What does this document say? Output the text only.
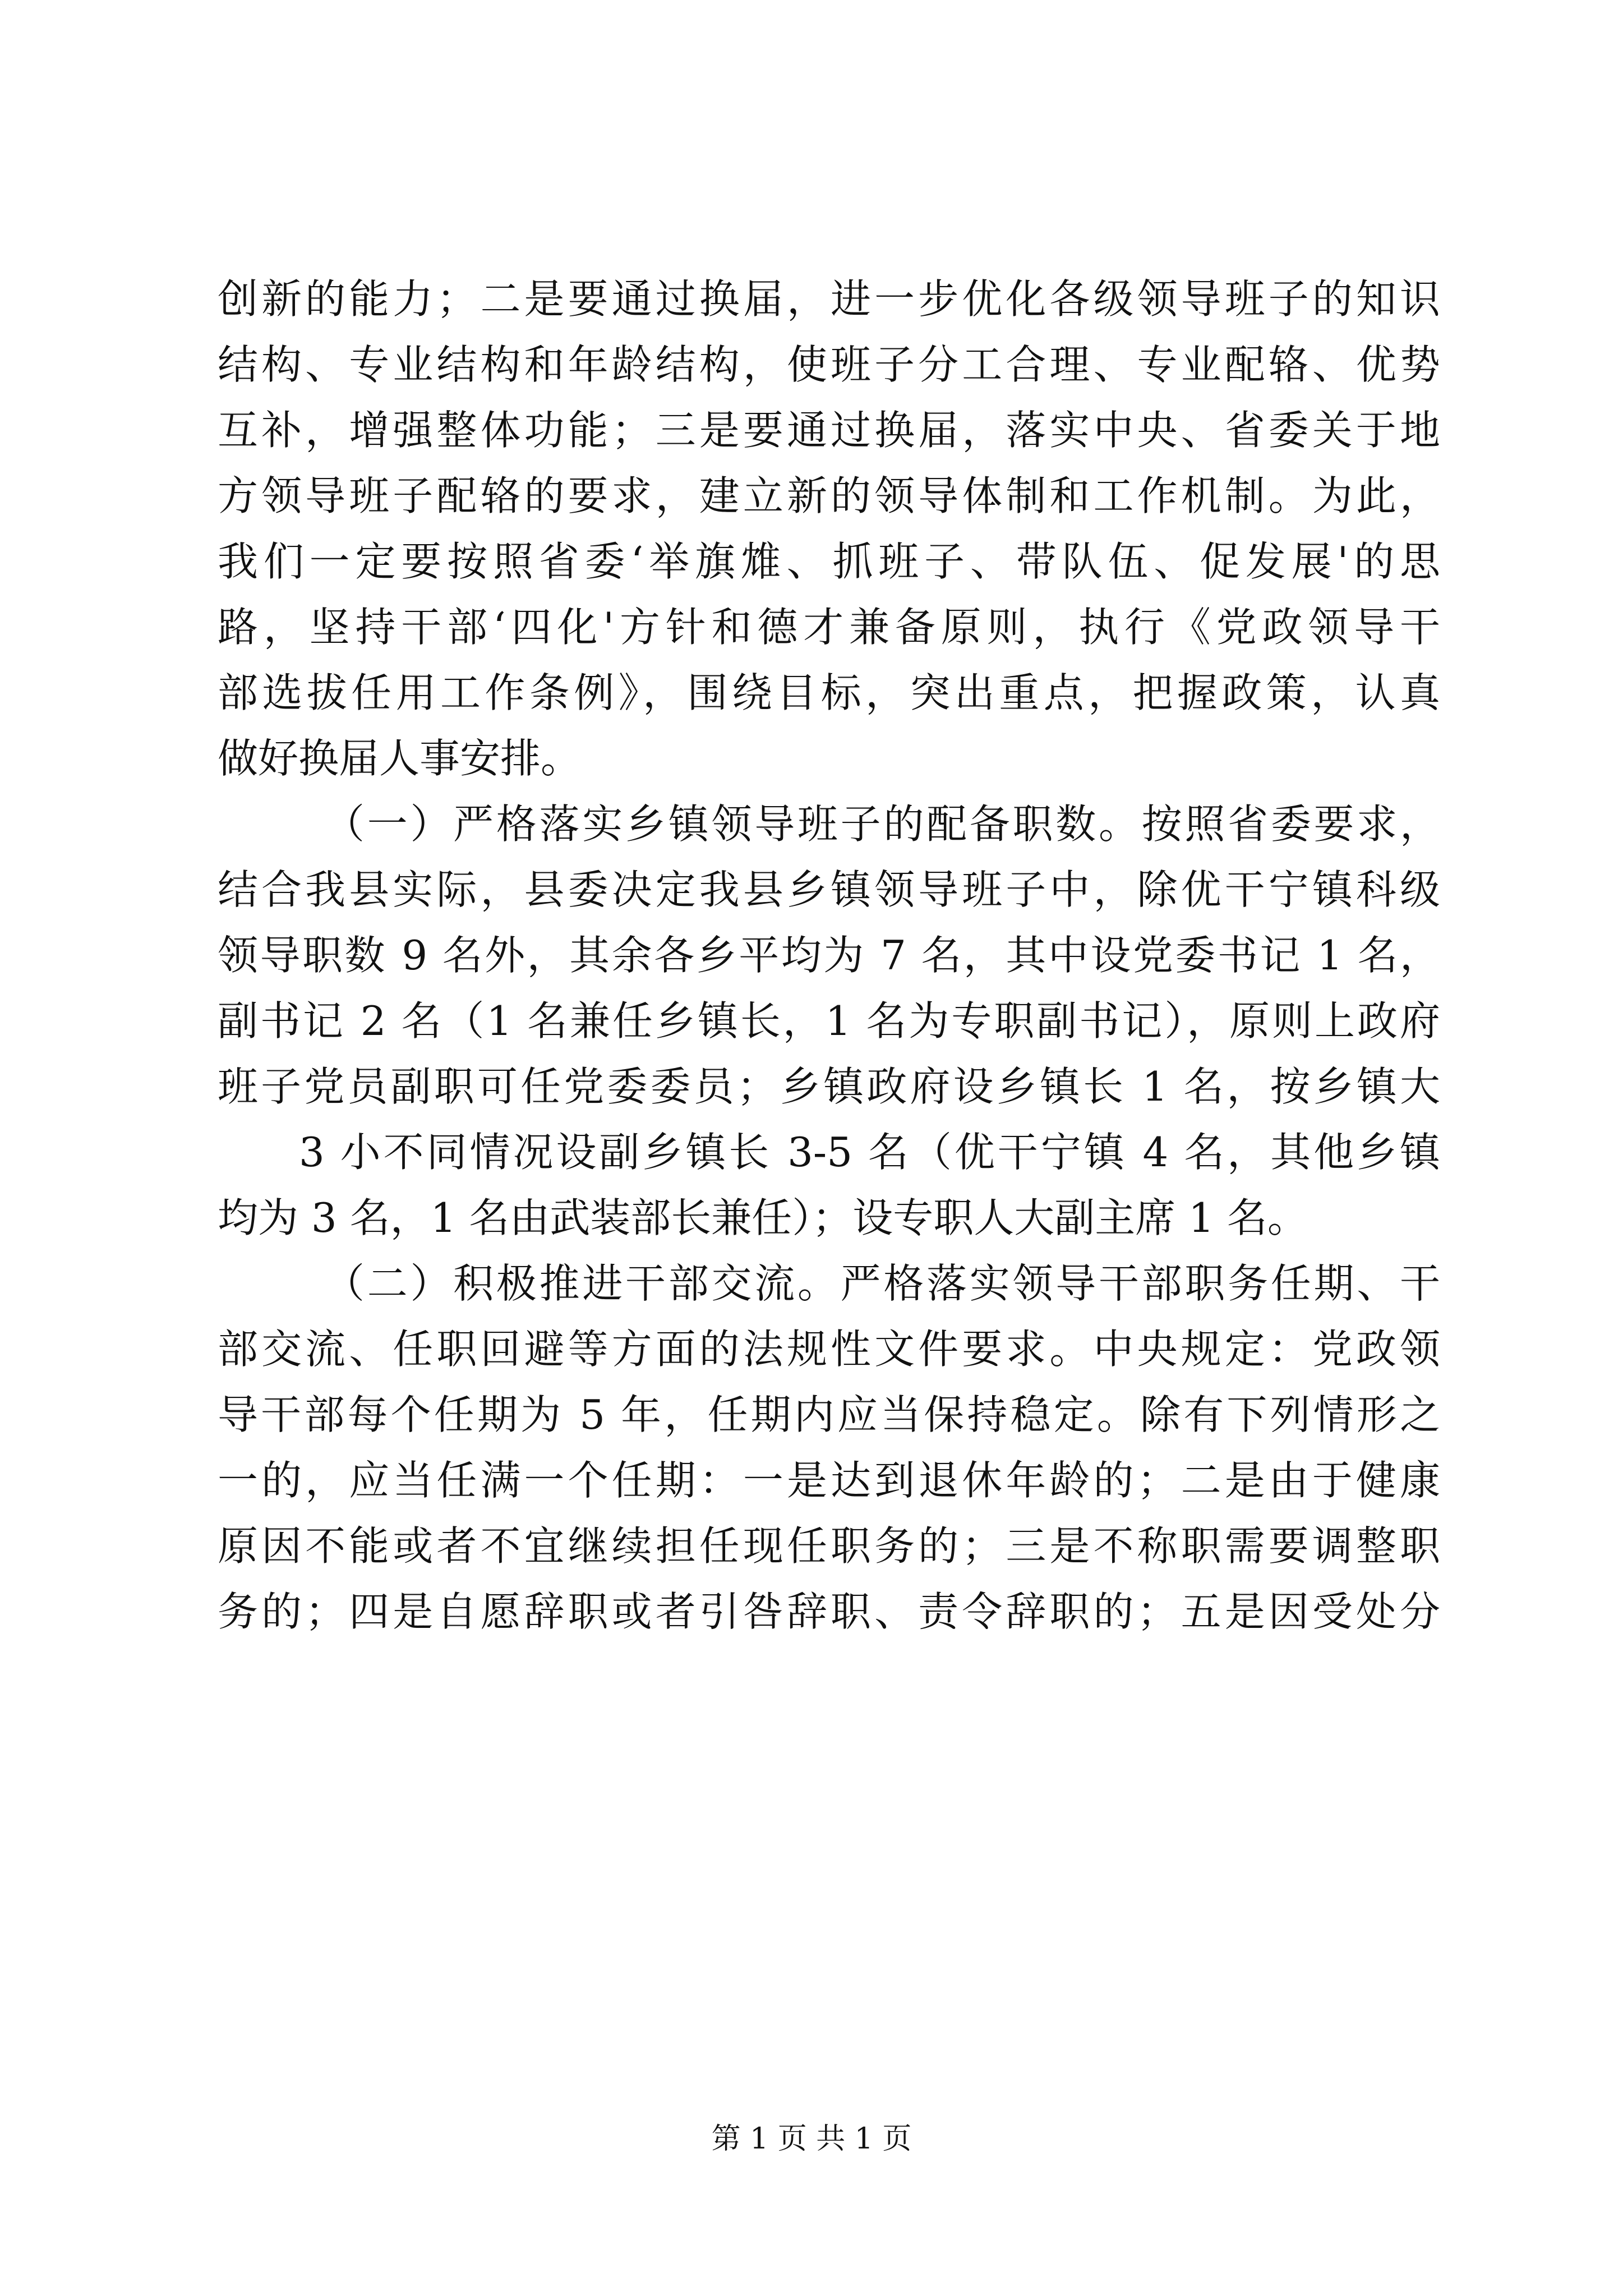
创新的能力；二是要通过换届，进一步优化各级领导班子的知识
结构、专业结构和年龄结构，使班子分工合理、专业配辂、优势
互补，增强整体功能；三是要通过换届，落实中央、省委关于地
方领导班子配辂的要求，建立新的领导体制和工作机制。为此，
我们一定要按照省委‘举旗䧵、抓班子、带队伍、促发展'的思
路，坚持干部‘四化'方针和德才兼备原则，执行《党政领导干
部选拔任用工作条例》，围绕目标，突出重点，把握政策，认真
做好换届人事安排。
（一）严格落实乡镇领导班子的配备职数。按照省委要求，
结合我县实际，县委决定我县乡镇领导班子中，除优干宁镇科级
领导职数 9 名外，其余各乡平均为 7 名，其中设党委书记 1 名，
副书记 2 名（1 名兼任乡镇长，1 名为专职副书记），原则上政府
班子党员副职可任党委委员；乡镇政府设乡镇长 1 名，按乡镇大
3 小不同情况设副乡镇长 3-5 名（优干宁镇 4 名，其他乡镇
均为 3 名，1 名由武装部长兼任）；设专职人大副主席 1 名。
（二）积极推进干部交流。严格落实领导干部职务任期、干
部交流、任职回避等方面的法规性文件要求。中央规定：党政领
导干部每个任期为 5 年，任期内应当保持稳定。除有下列情形之
一的，应当任满一个任期：一是达到退休年龄的；二是由于健康
原因不能或者不宜继续担任现任职务的；三是不称职需要调整职
务的；四是自愿辞职或者引咎辞职、责令辞职的；五是因受处分
第 1 页 共 1 页
